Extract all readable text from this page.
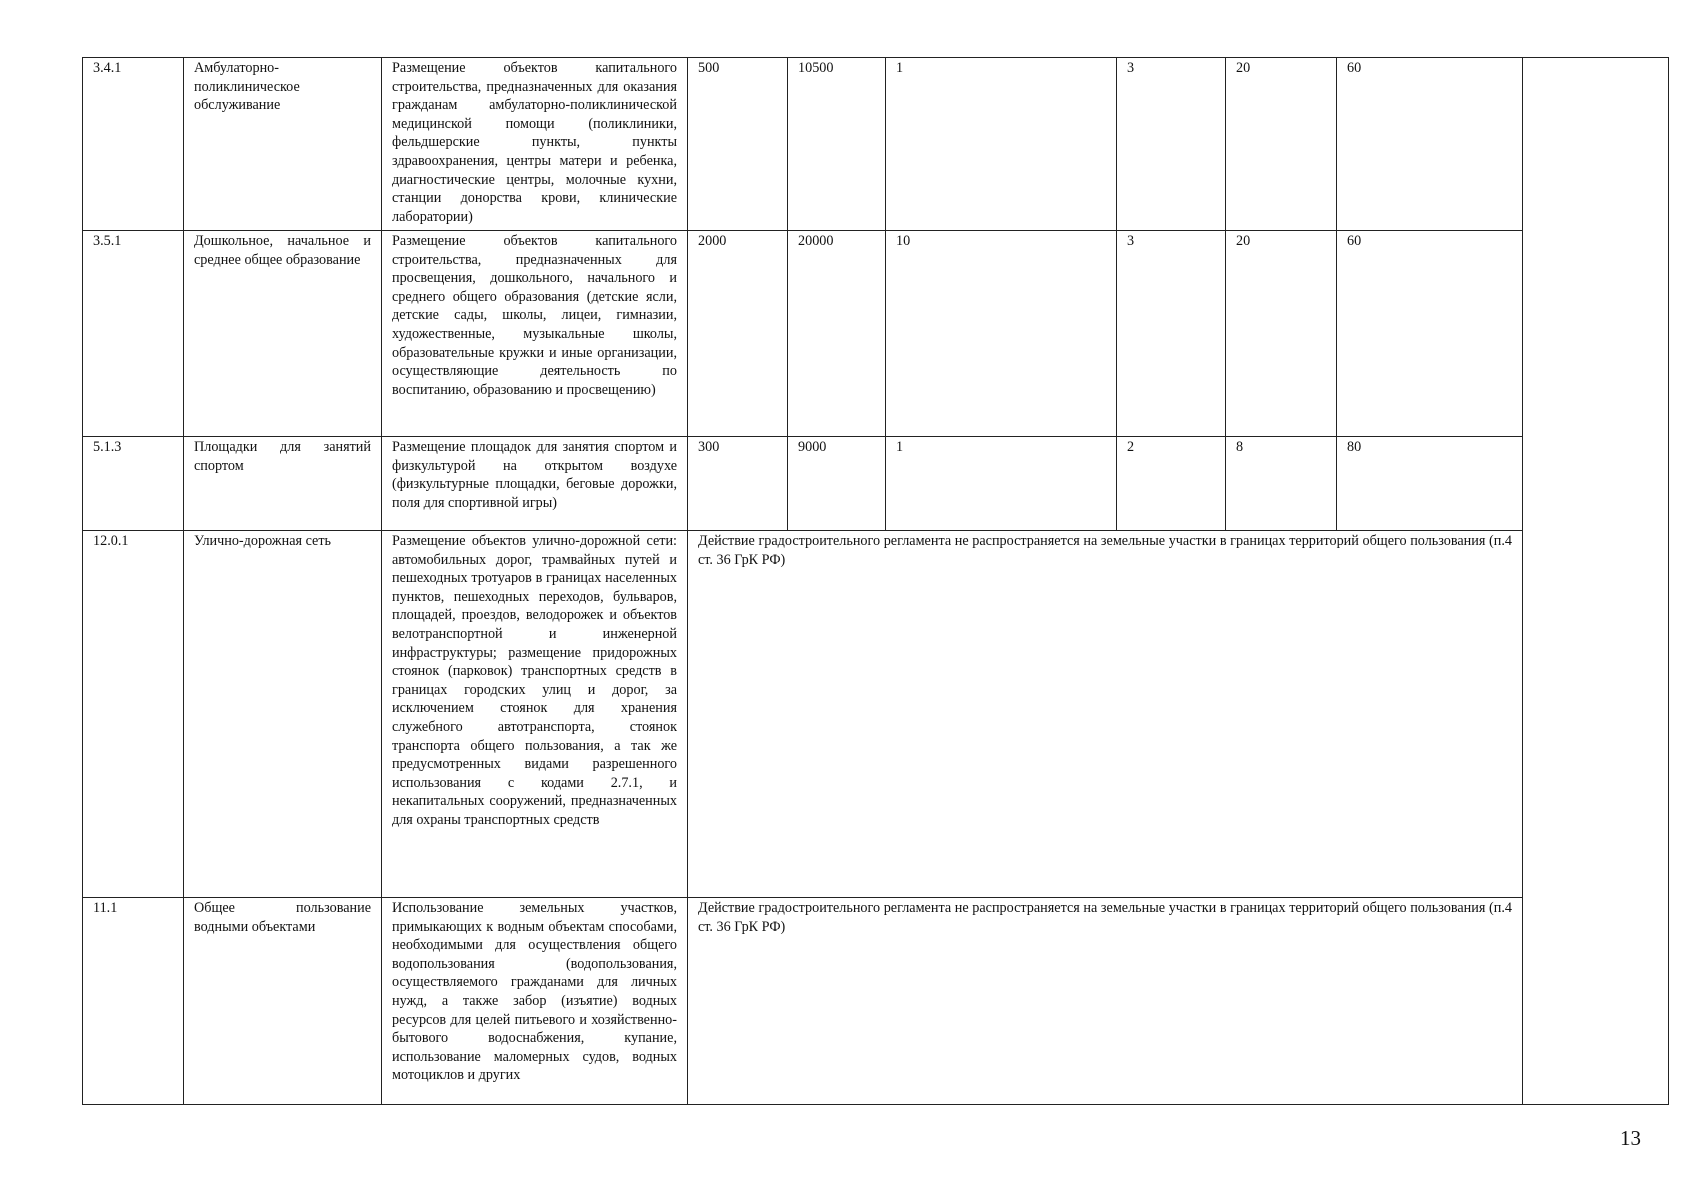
3.4.1	Амбулаторно-поликлиническое обслуживание	Размещение объектов капитального строительства, предназначенных для оказания гражданам амбулаторно-поликлинической медицинской помощи (поликлиники, фельдшерские пункты, пункты здравоохранения, центры матери и ребенка, диагностические центры, молочные кухни, станции донорства крови, клинические лаборатории)	500	10500	1	3	20	60	
3.5.1	Дошкольное, начальное и среднее общее образование	Размещение объектов капитального строительства, предназначенных для просвещения, дошкольного, начального и среднего общего образования (детские ясли, детские сады, школы, лицеи, гимназии, художественные, музыкальные школы, образовательные кружки и иные организации, осуществляющие деятельность по воспитанию, образованию и просвещению)	2000	20000	10	3	20	60	
5.1.3	Площадки для занятий спортом	Размещение площадок для занятия спортом и физкультурой на открытом воздухе (физкультурные площадки, беговые дорожки, поля для спортивной игры)	300	9000	1	2	8	80	
12.0.1	Улично-дорожная сеть	Размещение объектов улично-дорожной сети: автомобильных дорог, трамвайных путей и пешеходных тротуаров в границах населенных пунктов, пешеходных переходов, бульваров, площадей, проездов, велодорожек и объектов велотранспортной и инженерной инфраструктуры; размещение придорожных стоянок (парковок) транспортных средств в границах городских улиц и дорог, за исключением стоянок для хранения служебного автотранспорта, стоянок транспорта общего пользования, а так же предусмотренных видами разрешенного использования с кодами 2.7.1, и некапитальных сооружений, предназначенных для охраны транспортных средств	Действие градостроительного регламента не распространяется на земельные участки в границах территорий общего пользования (п.4 ст. 36 ГрК РФ)						
11.1	Общее пользование водными объектами	Использование земельных участков, примыкающих к водным объектам способами, необходимыми для осуществления общего водопользования (водопользования, осуществляемого гражданами для личных нужд, а также забор (изъятие) водных ресурсов для целей питьевого и хозяйственно-бытового водоснабжения, купание, использование маломерных судов, водных мотоциклов и других	Действие градостроительного регламента не распространяется на земельные участки в границах территорий общего пользования (п.4 ст. 36 ГрК РФ)						
13
